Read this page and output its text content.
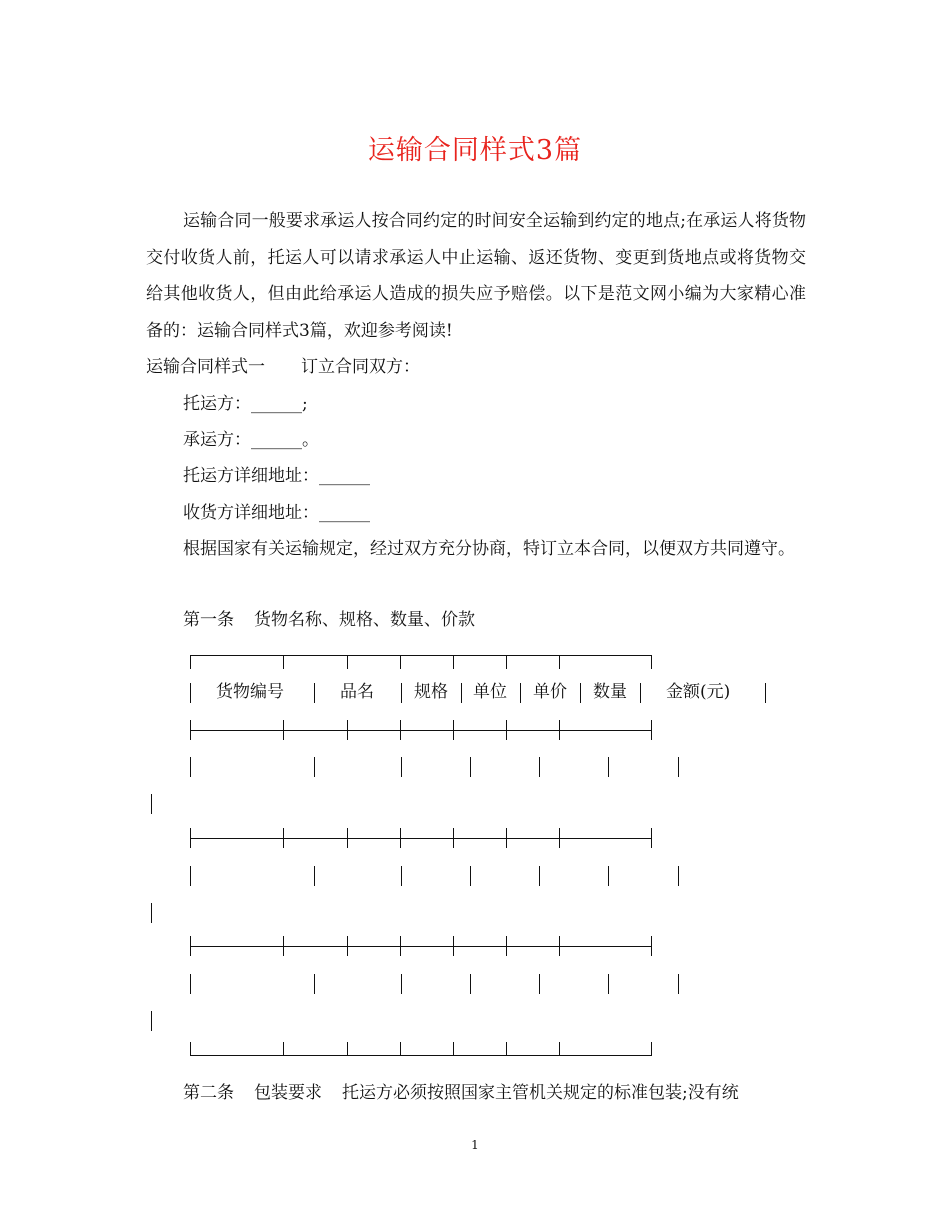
运输合同样式3篇

运输合同一般要求承运人按合同约定的时间安全运输到约定的地点;在承运人将货物交付收货人前，托运人可以请求承运人中止运输、返还货物、变更到货地点或将货物交给其他收货人，但由此给承运人造成的损失应予赔偿。以下是范文网小编为大家精心准备的：运输合同样式3篇，欢迎参考阅读!

运输合同样式一 订立合同双方：
托运方：______;
承运方：______。
托运方详细地址：______
收货方详细地址：______

根据国家有关运输规定，经过双方充分协商，特订立本合同，以便双方共同遵守。

第一条 货物名称、规格、数量、价款
货物编号	品名 规格 单位 单价 数量 金额(元)
第二条 包装要求 托运方必须按照国家主管机关规定的标准包装;没有统
1
